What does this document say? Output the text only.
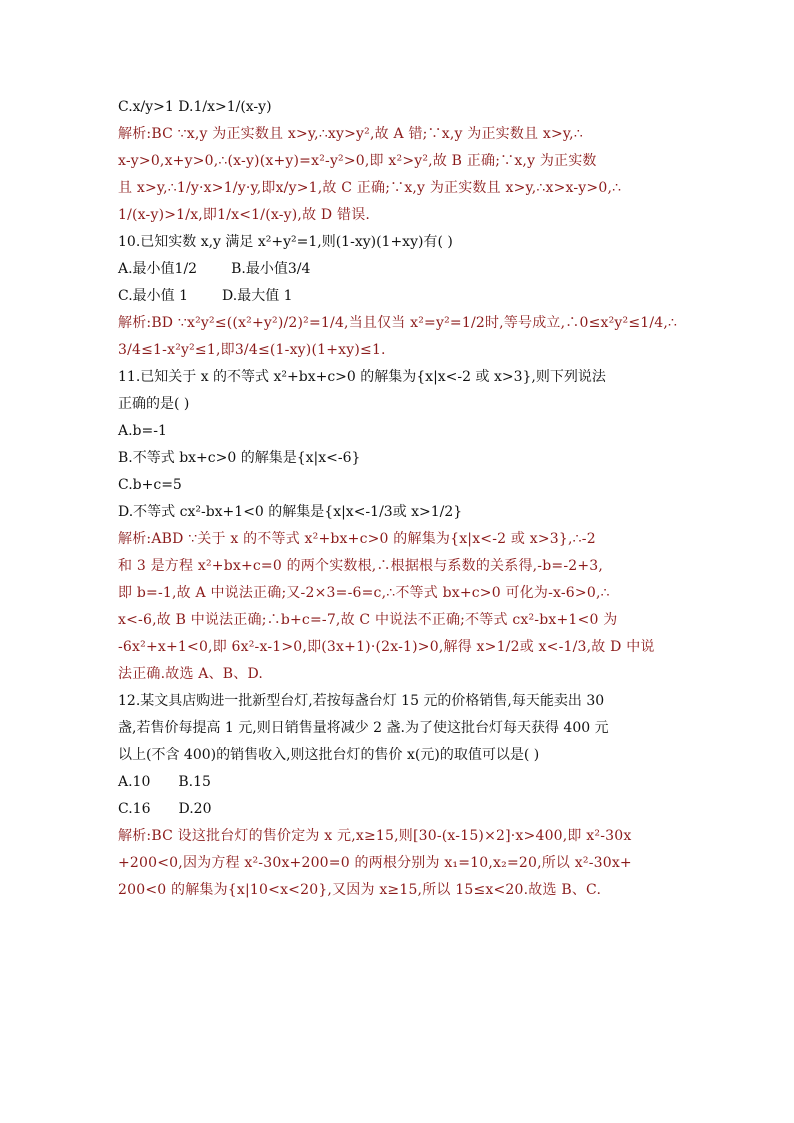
C.x/y>1 D.1/x>1/(x-y)
解析:BC ∵x,y 为正实数且 x>y,∴xy>y²,故 A 错;∵x,y 为正实数且 x>y,∴
x-y>0,x+y>0,∴(x-y)(x+y)=x²-y²>0,即 x²>y²,故 B 正确;∵x,y 为正实数
且 x>y,∴1/y·x>1/y·y,即x/y>1,故 C 正确;∵x,y 为正实数且 x>y,∴x>x-y>0,∴
1/(x-y)>1/x,即1/x<1/(x-y),故 D 错误.
10.已知实数 x,y 满足 x²+y²=1,则(1-xy)(1+xy)有( )
A.最小值1/2 B.最小值3/4
C.最小值 1 D.最大值 1
解析:BD ∵x²y²≤((x²+y²)/2)²=1/4,当且仅当 x²=y²=1/2时,等号成立,∴0≤x²y²≤1/4,∴
3/4≤1-x²y²≤1,即3/4≤(1-xy)(1+xy)≤1.
11.已知关于 x 的不等式 x²+bx+c>0 的解集为{x|x<-2 或 x>3},则下列说法
正确的是( )
A.b=-1
B.不等式 bx+c>0 的解集是{x|x<-6}
C.b+c=5
D.不等式 cx²-bx+1<0 的解集是{x|x<-1/3或 x>1/2}
解析:ABD ∵关于 x 的不等式 x²+bx+c>0 的解集为{x|x<-2 或 x>3},∴-2
和 3 是方程 x²+bx+c=0 的两个实数根,∴根据根与系数的关系得,-b=-2+3,
即 b=-1,故 A 中说法正确;又-2×3=-6=c,∴不等式 bx+c>0 可化为-x-6>0,∴
x<-6,故 B 中说法正确;∴b+c=-7,故 C 中说法不正确;不等式 cx²-bx+1<0 为
-6x²+x+1<0,即 6x²-x-1>0,即(3x+1)·(2x-1)>0,解得 x>1/2或 x<-1/3,故 D 中说
法正确.故选 A、B、D.
12.某文具店购进一批新型台灯,若按每盏台灯 15 元的价格销售,每天能卖出 30
盏,若售价每提高 1 元,则日销售量将减少 2 盏.为了使这批台灯每天获得 400 元
以上(不含 400)的销售收入,则这批台灯的售价 x(元)的取值可以是( )
A.10 B.15
C.16 D.20
解析:BC 设这批台灯的售价定为 x 元,x≥15,则[30-(x-15)×2]·x>400,即 x²-30x
+200<0,因为方程 x²-30x+200=0 的两根分别为 x₁=10,x₂=20,所以 x²-30x+
200<0 的解集为{x|10<x<20},又因为 x≥15,所以 15≤x<20.故选 B、C.
